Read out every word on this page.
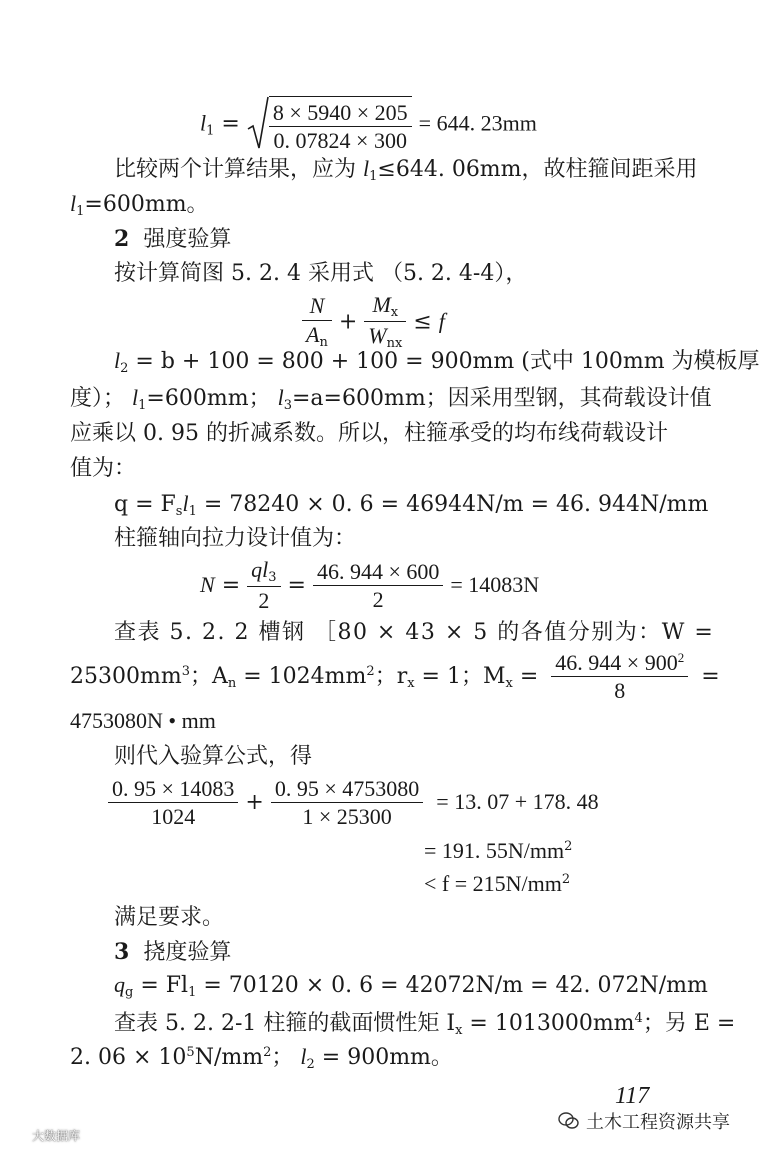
$l_1 = \frac{8 \times 5940 \times 205}{0. 07824 \times 300} = 644$. 23mm
比较两个计算结果，应为 $l_1\le 644$. 06mm，故柱箍间距采用
$l_1=600mm$。
2 强度验算
按计算简图 5. 2. 4 采用式 （5. 2. 4-4），
$\frac{N}{A_n} + \frac{M_x}{W_{nx}} \le f$
$l_2 = b + 100 = 800 + 100 = 900mm$ (式中 100mm 为模板厚
度）； $l_1=600mm$； $l_3=a=600mm$；因采用型钢，其荷载设计值
应乘以 0. 95 的折减系数。所以，柱箍承受的均布线荷载设计
值为：
$q = F_sl_1 = 78240 \times 0$. 6 = 46944N/m = 46. 944N/mm
柱箍轴向拉力设计值为：
$N = \frac{ql_3}{2} = \frac{46. 944 \times 600}{2} = 14083N$
查表 5. 2. 2 槽钢 ［80 × 43 × 5 的各值分别为：W =
$25300mm^3$；$A_n = 1024mm^2$；$r_x = 1$；$M_x = \frac{46. 944 \times 900^2}{8}$ =
4753080N • mm
则代入验算公式，得
$\frac{0. 95 \times 14083}{1024} + \frac{0. 95 \times 4753080}{1 \times 25300} = 13$. 07 + 178. 48
= 191. $55N/mm^2$
< $f = 215N/mm^2$
满足要求。
3 挠度验算
$q_g = Fl_1 = 70120 \times 0$. 6 = 42072N/m = 42. 072N/mm
查表 5. 2. 2-1 柱箍的截面惯性矩 $I_x = 1013000mm^4$；另 E =
2. $06 \times 10^5N/mm^2$； $l_2 = 900mm$。
117
土木工程资源共享
大数据库
